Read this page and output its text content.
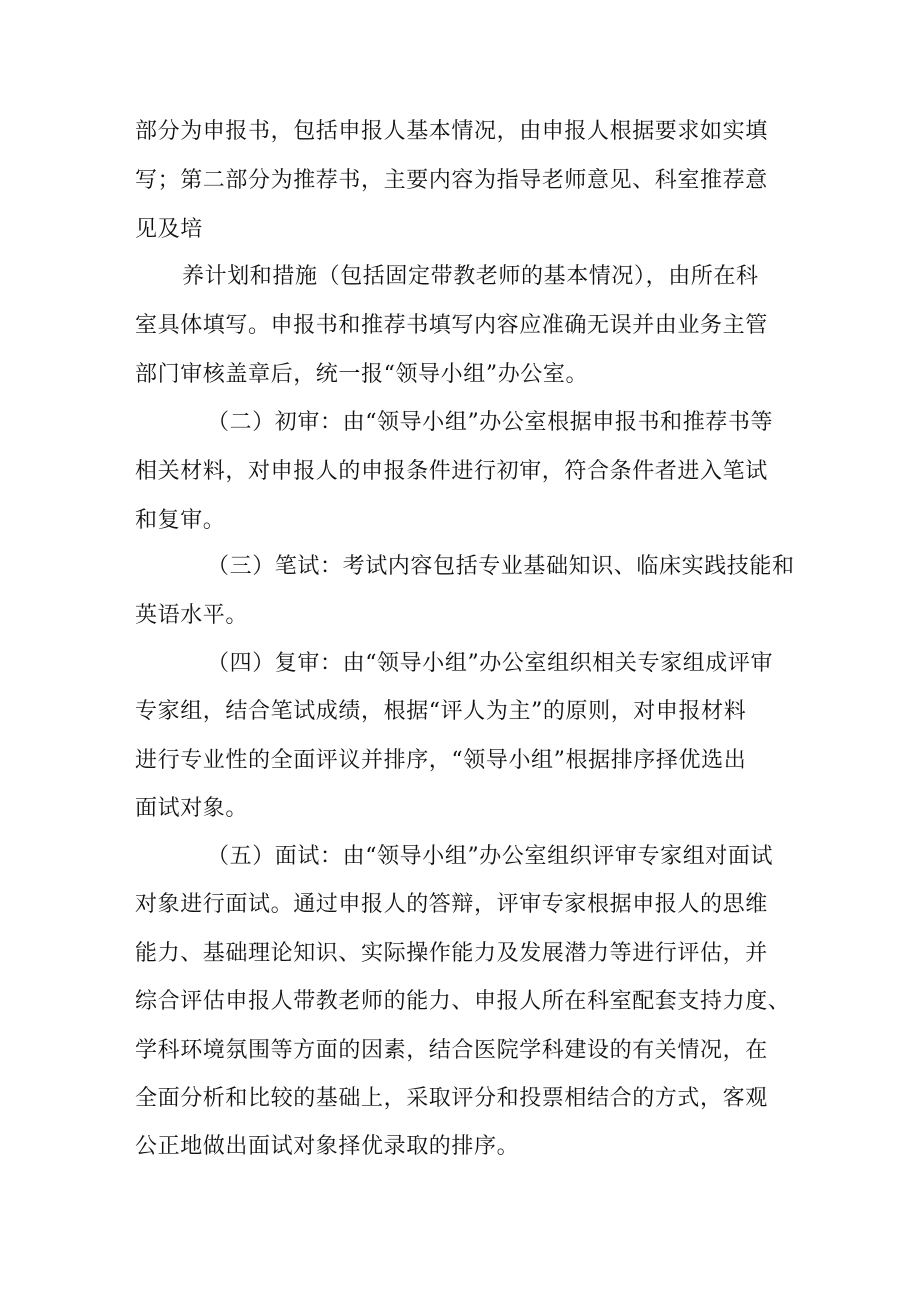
部分为申报书，包括申报人基本情况，由申报人根据要求如实填
写；第二部分为推荐书，主要内容为指导老师意见、科室推荐意
见及培
养计划和措施（包括固定带教老师的基本情况），由所在科
室具体填写。申报书和推荐书填写内容应准确无误并由业务主管
部门审核盖章后，统一报“领导小组”办公室。
（二）初审：由“领导小组”办公室根据申报书和推荐书等
相关材料，对申报人的申报条件进行初审，符合条件者进入笔试
和复审。
（三）笔试：考试内容包括专业基础知识、临床实践技能和
英语水平。
（四）复审：由“领导小组”办公室组织相关专家组成评审
专家组，结合笔试成绩，根据“评人为主”的原则，对申报材料
进行专业性的全面评议并排序，“领导小组”根据排序择优选出
面试对象。
（五）面试：由“领导小组”办公室组织评审专家组对面试
对象进行面试。通过申报人的答辩，评审专家根据申报人的思维
能力、基础理论知识、实际操作能力及发展潜力等进行评估，并
综合评估申报人带教老师的能力、申报人所在科室配套支持力度、
学科环境氛围等方面的因素，结合医院学科建设的有关情况，在
全面分析和比较的基础上，采取评分和投票相结合的方式，客观
公正地做出面试对象择优录取的排序。
